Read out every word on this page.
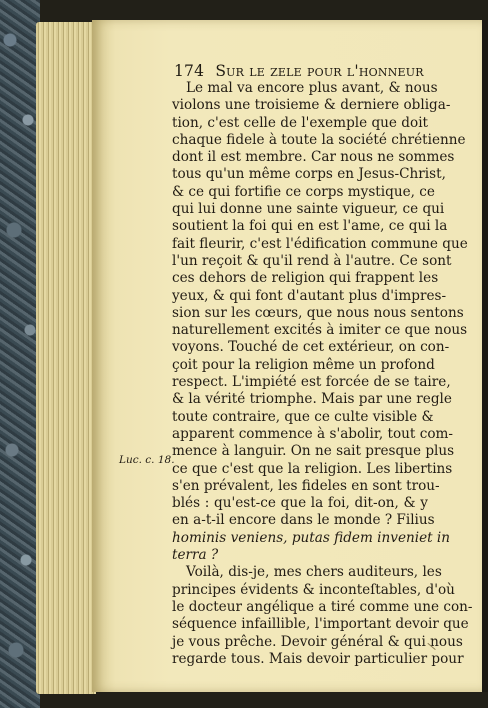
174 Sur le zele pour l'honneur
Luc. c. 18.
Le mal va encore plus avant, & nous
violons une troisieme & derniere obliga-
tion, c'est celle de l'exemple que doit
chaque fidele à toute la société chrétienne
dont il est membre. Car nous ne sommes
tous qu'un même corps en Jesus-Christ,
& ce qui fortifie ce corps mystique, ce
qui lui donne une sainte vigueur, ce qui
soutient la foi qui en est l'ame, ce qui la
fait fleurir, c'est l'édification commune que
l'un reçoit & qu'il rend à l'autre. Ce sont
ces dehors de religion qui frappent les
yeux, & qui font d'autant plus d'impres-
sion sur les cœurs, que nous nous sentons
naturellement excités à imiter ce que nous
voyons. Touché de cet extérieur, on con-
çoit pour la religion même un profond
respect. L'impiété est forcée de se taire,
& la vérité triomphe. Mais par une regle
toute contraire, que ce culte visible &
apparent commence à s'abolir, tout com-
mence à languir. On ne sait presque plus
ce que c'est que la religion. Les libertins
s'en prévalent, les fideles en sont trou-
blés : qu'est-ce que la foi, dit-on, & y
en a-t-il encore dans le monde ? Filius
hominis veniens, putas fidem inveniet in
terra ?
Voilà, dis-je, mes chers auditeurs, les
principes évidents & inconteſtables, d'où
le docteur angélique a tiré comme une con-
séquence infaillible, l'important devoir que
je vous prêche. Devoir général & qui nous
regarde tous. Mais devoir particulier pour
